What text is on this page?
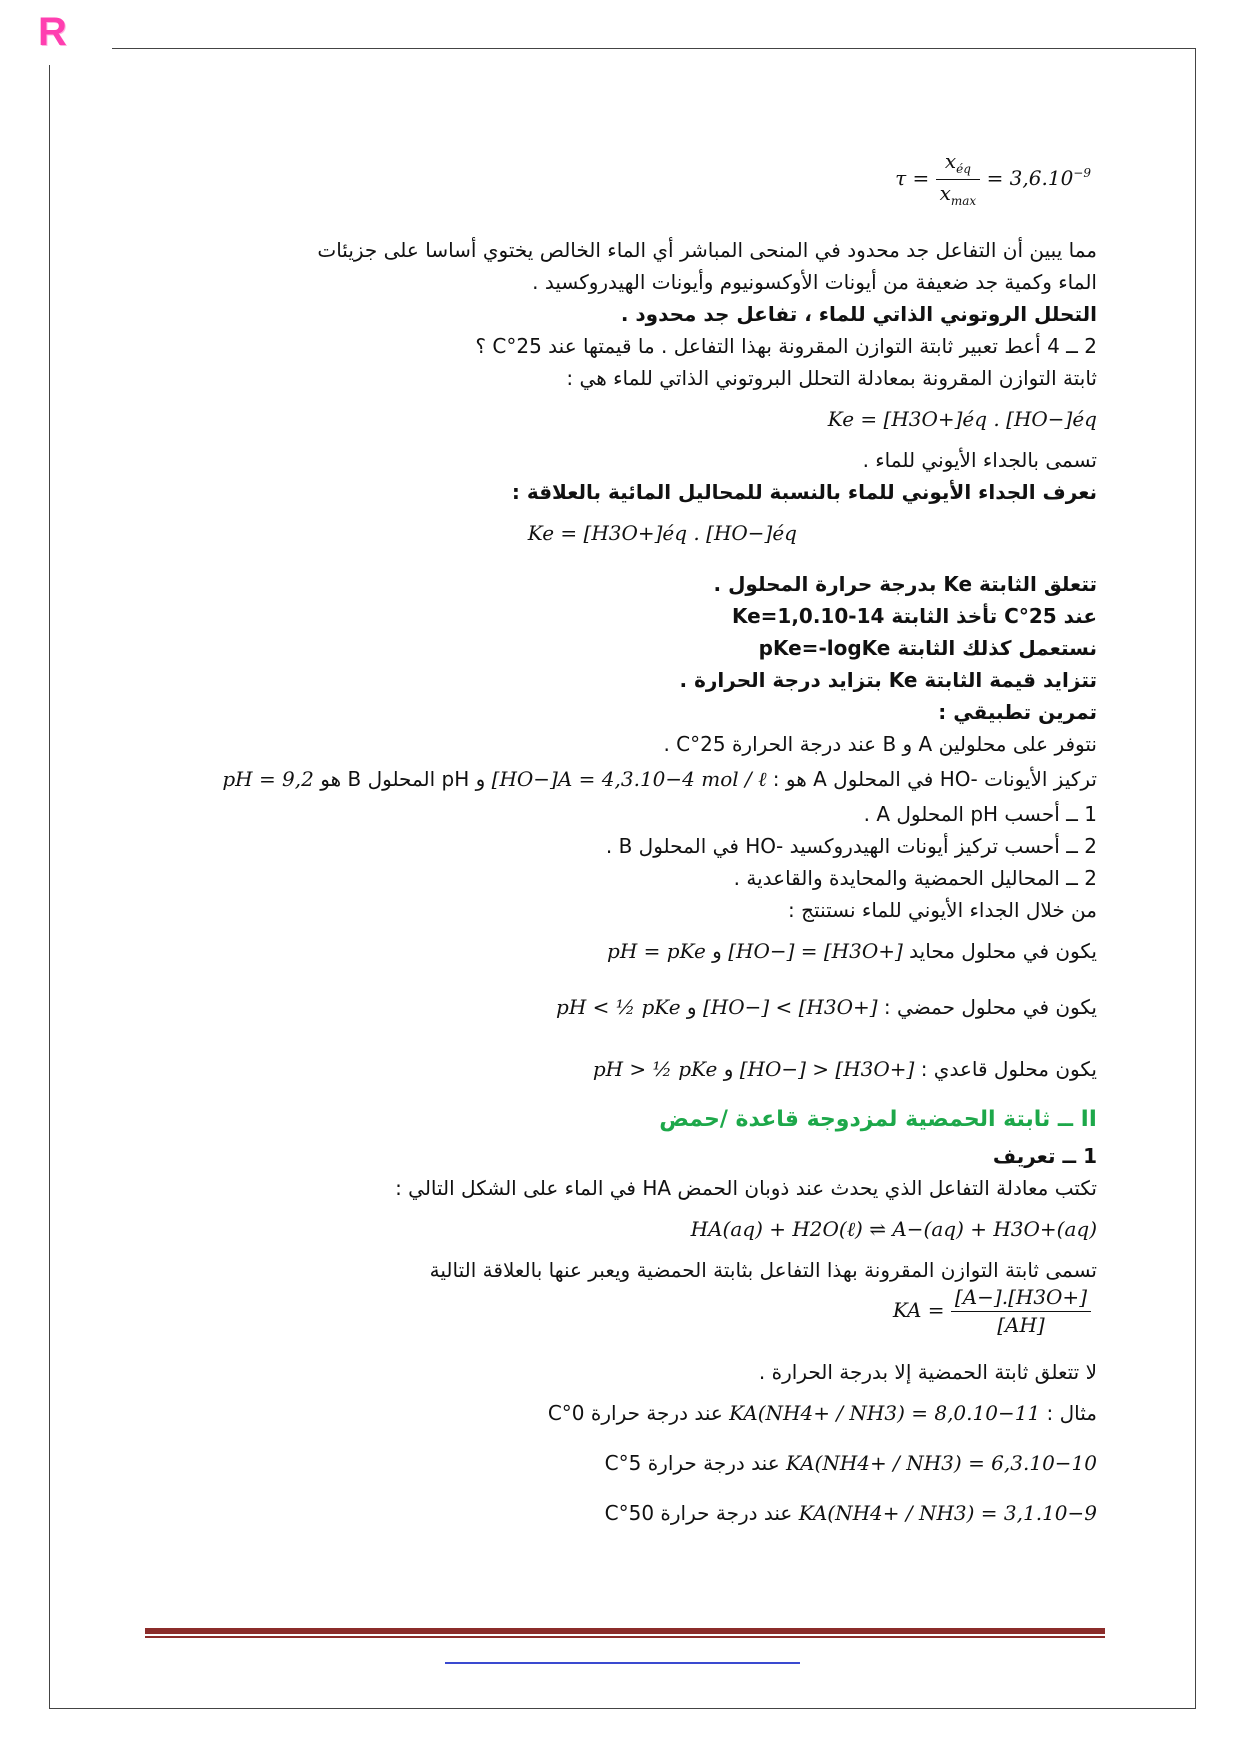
R
$\tau = \frac{x_{éq}}{x_{max}} = 3,6.10^{-9}$
مما يبين أن التفاعل جد محدود في المنحى المباشر أي الماء الخالص يختوي أساسا على جزيئات
الماء وكمية جد ضعيفة من أيونات الأوكسونيوم وأيونات الهيدروكسيد .
التحلل الروتوني الذاتي للماء ، تفاعل جد محدود .
2 ــ 4 أعط تعبير ثابتة التوازن المقرونة بهذا التفاعل . ما قيمتها عند 25°C ؟
ثابتة التوازن المقرونة بمعادلة التحلل البروتوني الذاتي للماء هي :
Ke = [H3O+]éq . [HO−]éq
تسمى بالجداء الأيوني للماء .
نعرف الجداء الأيوني للماء بالنسبة للمحاليل المائية بالعلاقة :
Ke = [H3O+]éq . [HO−]éq
تتعلق الثابتة Ke بدرجة حرارة المحلول .
عند 25°C تأخذ الثابتة Ke=1,0.10-14
نستعمل كذلك الثابتة pKe=-logKe
تتزايد قيمة الثابتة Ke بتزايد درجة الحرارة .
تمرين تطبيقي :
نتوفر على محلولين A و B عند درجة الحرارة 25°C .
تركيز الأيونات -HO في المحلول A هو : [HO−]A = 4,3.10−4 mol / ℓ و pH المحلول B هو pH = 9,2
1 ــ أحسب pH المحلول A .
2 ــ أحسب تركيز أيونات الهيدروكسيد -HO في المحلول B .
2 ــ المحاليل الحمضية والمحايدة والقاعدية .
من خلال الجداء الأيوني للماء نستنتج :
يكون في محلول محايد [HO−] = [H3O+] و pH = pKe
يكون في محلول حمضي : [HO−] < [H3O+] و pH < ½ pKe
يكون محلول قاعدي : [HO−] > [H3O+] و pH > ½ pKe
II ــ ثابتة الحمضية لمزدوجة قاعدة /حمض
1 ــ تعريف
تكتب معادلة التفاعل الذي يحدث عند ذوبان الحمض HA في الماء على الشكل التالي :
HA(aq) + H2O(ℓ) ⇌ A−(aq) + H3O+(aq)
تسمى ثابتة التوازن المقرونة بهذا التفاعل بثابتة الحمضية ويعبر عنها بالعلاقة التالية
KA = $\frac{[A-].[H3O+]}{[AH]}$
لا تتعلق ثابتة الحمضية إلا بدرجة الحرارة .
مثال : KA(NH4+ / NH3) = 8,0.10−11 عند درجة حرارة 0°C
KA(NH4+ / NH3) = 6,3.10−10 عند درجة حرارة 5°C
KA(NH4+ / NH3) = 3,1.10−9 عند درجة حرارة 50°C
